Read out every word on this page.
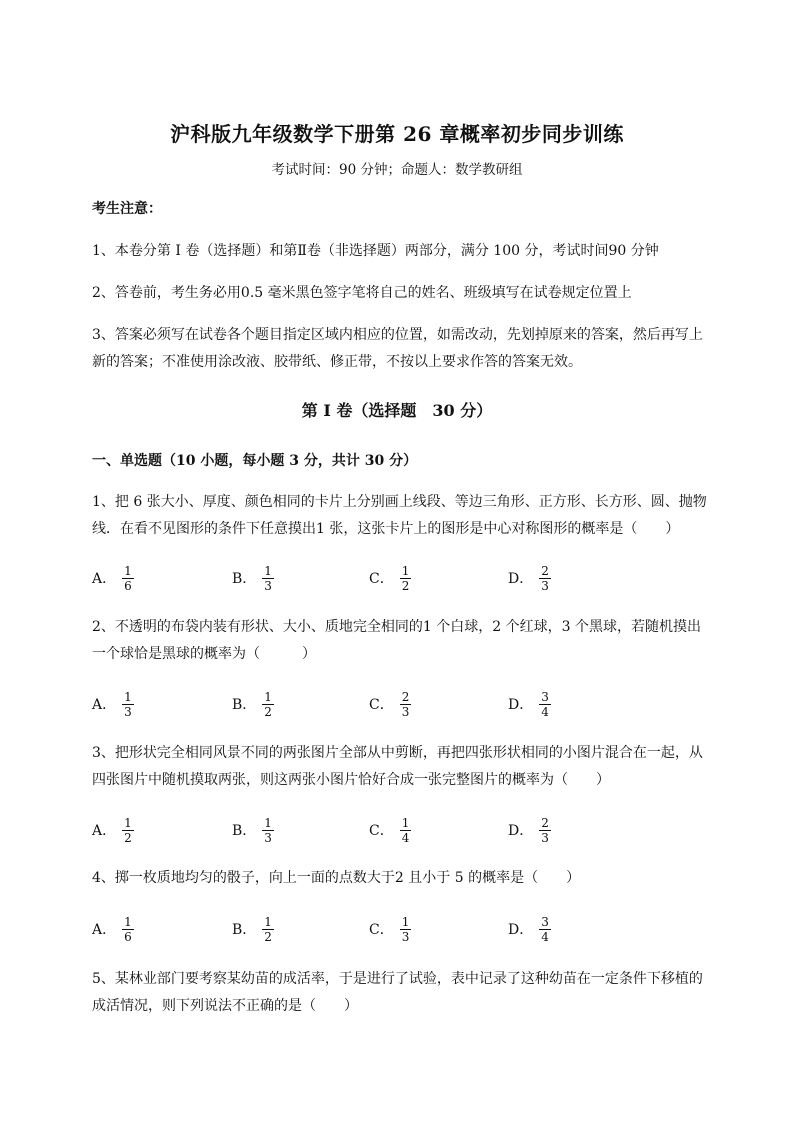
沪科版九年级数学下册第 26 章概率初步同步训练
考试时间：90 分钟；命题人：数学教研组
考生注意：
1、本卷分第 I 卷（选择题）和第Ⅱ卷（非选择题）两部分，满分 100 分，考试时间90 分钟
2、答卷前，考生务必用0.5 毫米黑色签字笔将自己的姓名、班级填写在试卷规定位置上
3、答案必须写在试卷各个题目指定区域内相应的位置，如需改动，先划掉原来的答案，然后再写上新的答案；不准使用涂改液、胶带纸、修正带，不按以上要求作答的答案无效。
第 I 卷（选择题　30 分）
一、单选题（10 小题，每小题 3 分，共计 30 分）
1、把 6 张大小、厚度、颜色相同的卡片上分别画上线段、等边三角形、正方形、长方形、圆、抛物线．在看不见图形的条件下任意摸出1 张，这张卡片上的图形是中心对称图形的概率是（　　）
A． $\frac{1}{6}$	B． $\frac{1}{3}$	C． $\frac{1}{2}$	D． $\frac{2}{3}$
2、不透明的布袋内装有形状、大小、质地完全相同的1 个白球，2 个红球，3 个黑球，若随机摸出一个球恰是黑球的概率为（　　　）
A． $\frac{1}{3}$	B． $\frac{1}{2}$	C． $\frac{2}{3}$	D． $\frac{3}{4}$
3、把形状完全相同风景不同的两张图片全部从中剪断，再把四张形状相同的小图片混合在一起，从四张图片中随机摸取两张，则这两张小图片恰好合成一张完整图片的概率为（　　）
A． $\frac{1}{2}$	B． $\frac{1}{3}$	C． $\frac{1}{4}$	D． $\frac{2}{3}$
4、掷一枚质地均匀的骰子，向上一面的点数大于2 且小于 5 的概率是（　　）
A． $\frac{1}{6}$	B． $\frac{1}{2}$	C． $\frac{1}{3}$	D． $\frac{3}{4}$
5、某林业部门要考察某幼苗的成活率，于是进行了试验，表中记录了这种幼苗在一定条件下移植的成活情况，则下列说法不正确的是（　　）
